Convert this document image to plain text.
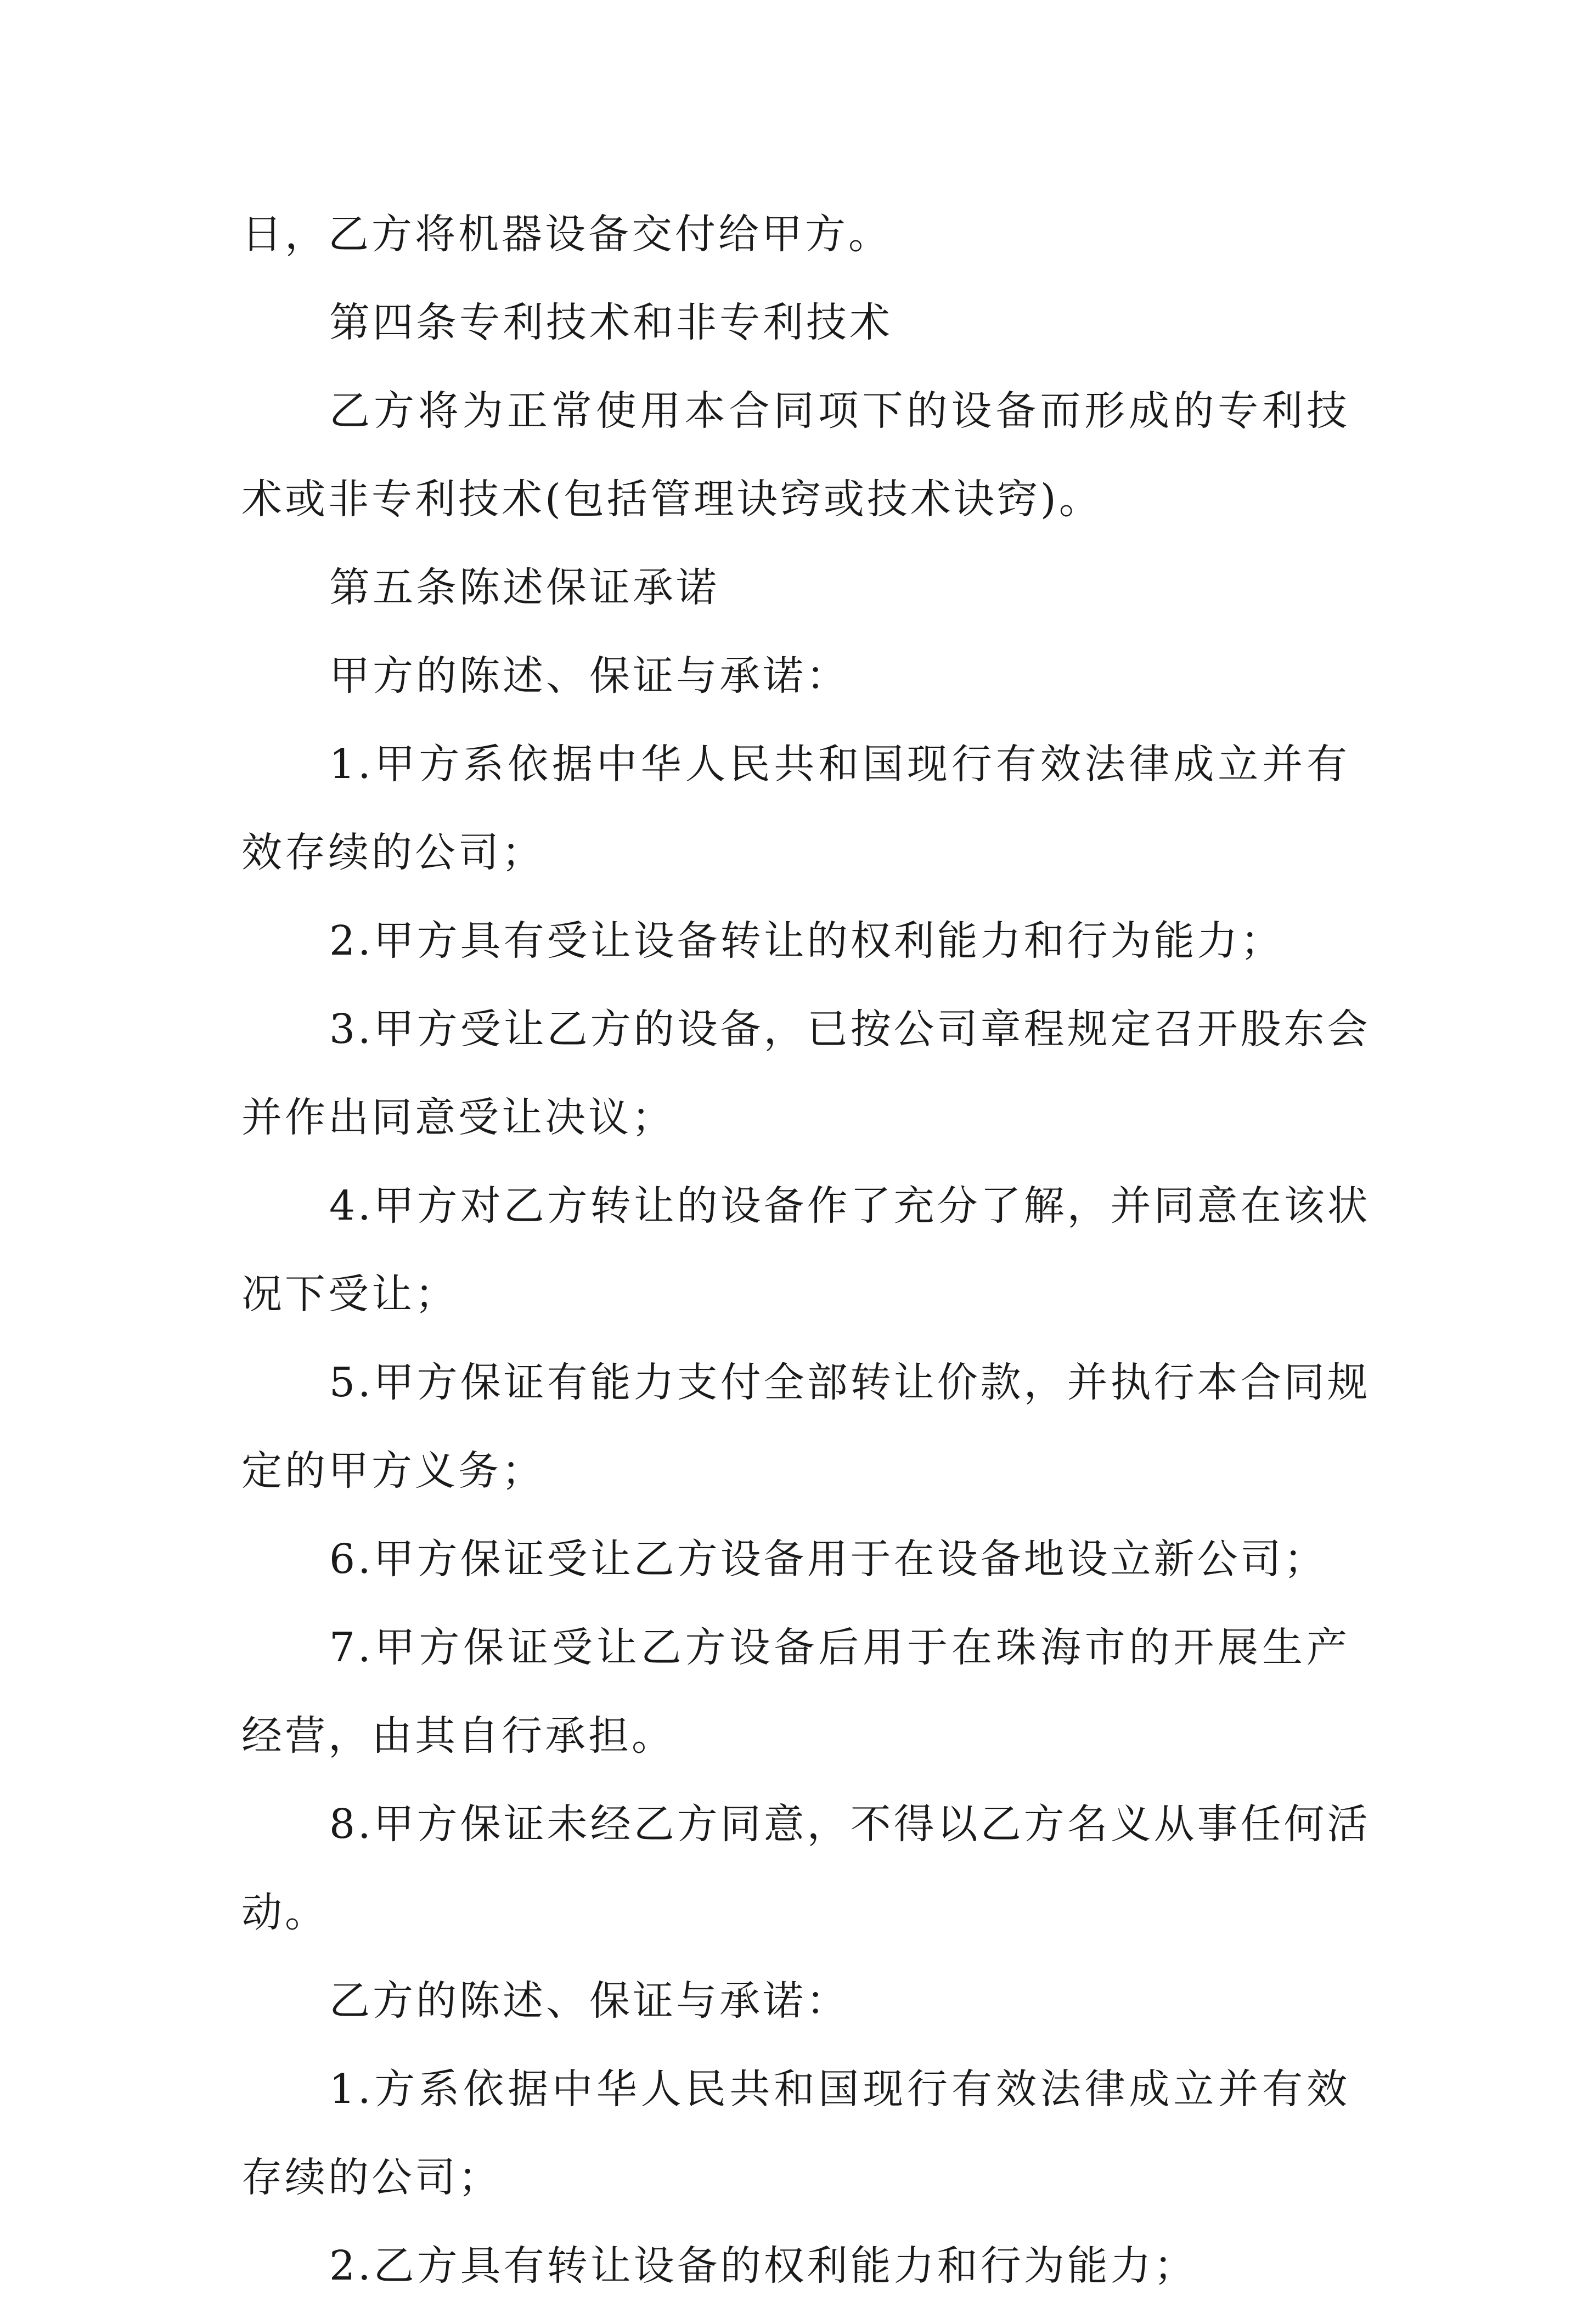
日，乙方将机器设备交付给甲方。
第四条专利技术和非专利技术
乙方将为正常使用本合同项下的设备而形成的专利技
术或非专利技术(包括管理诀窍或技术诀窍)。
第五条陈述保证承诺
甲方的陈述、保证与承诺：
1.甲方系依据中华人民共和国现行有效法律成立并有
效存续的公司；
2.甲方具有受让设备转让的权利能力和行为能力；
3.甲方受让乙方的设备，已按公司章程规定召开股东会
并作出同意受让决议；
4.甲方对乙方转让的设备作了充分了解，并同意在该状
况下受让；
5.甲方保证有能力支付全部转让价款，并执行本合同规
定的甲方义务；
6.甲方保证受让乙方设备用于在设备地设立新公司；
7.甲方保证受让乙方设备后用于在珠海市的开展生产
经营，由其自行承担。
8.甲方保证未经乙方同意，不得以乙方名义从事任何活
动。
乙方的陈述、保证与承诺：
1.方系依据中华人民共和国现行有效法律成立并有效
存续的公司；
2.乙方具有转让设备的权利能力和行为能力；
